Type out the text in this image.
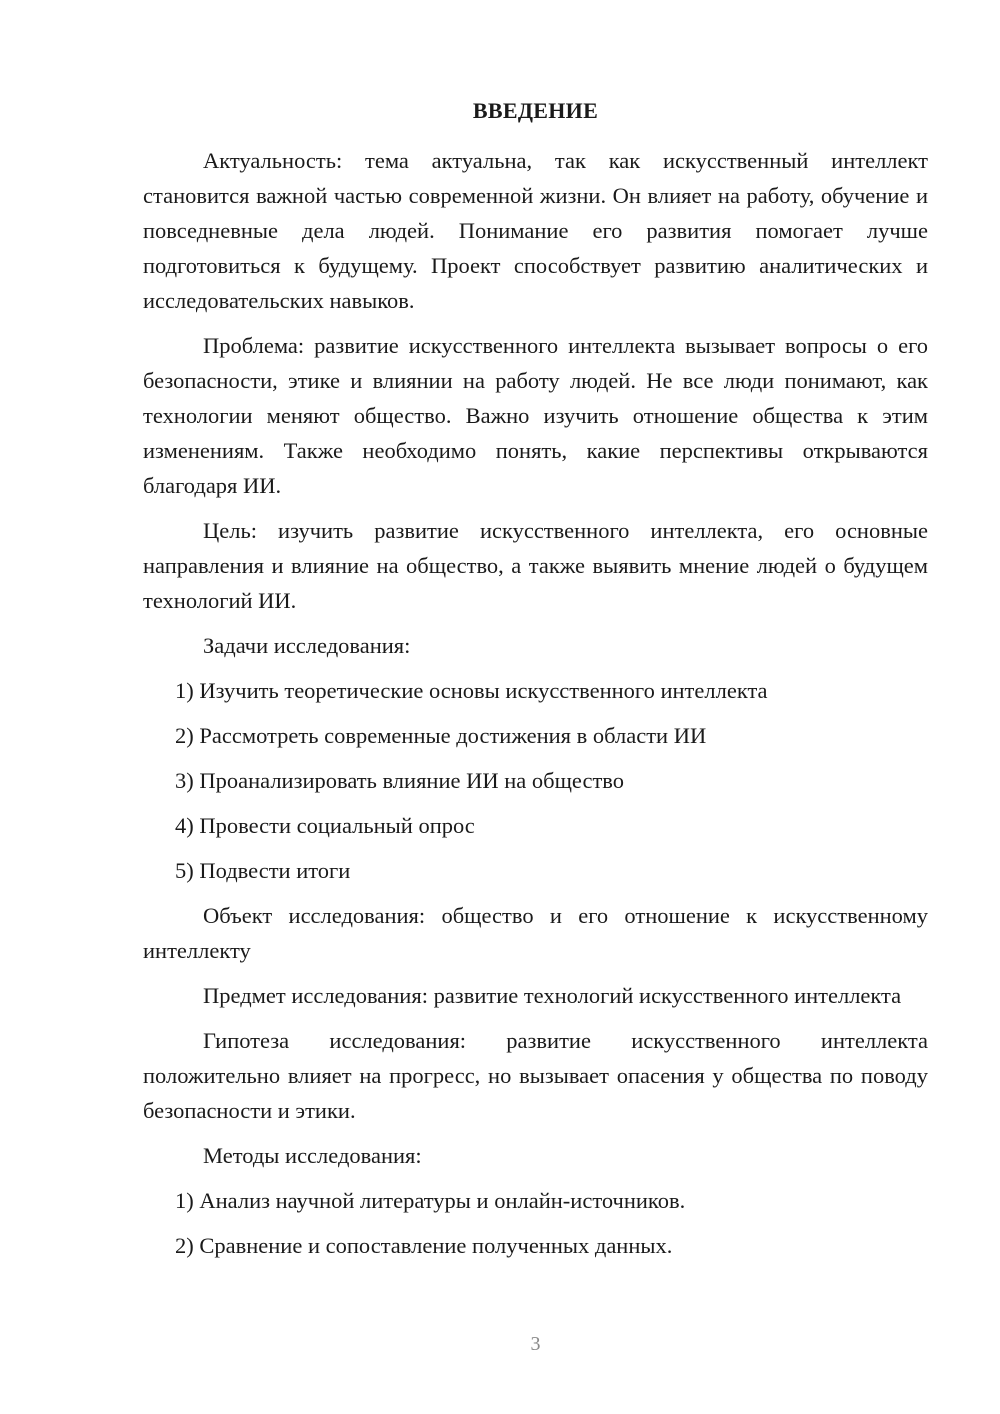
ВВЕДЕНИЕ

Актуальность: тема актуальна, так как искусственный интеллект становится важной частью современной жизни. Он влияет на работу, обучение и повседневные дела людей. Понимание его развития помогает лучше подготовиться к будущему. Проект способствует развитию аналитических и исследовательских навыков.

Проблема: развитие искусственного интеллекта вызывает вопросы о его безопасности, этике и влиянии на работу людей. Не все люди понимают, как технологии меняют общество. Важно изучить отношение общества к этим изменениям. Также необходимо понять, какие перспективы открываются благодаря ИИ.

Цель: изучить развитие искусственного интеллекта, его основные направления и влияние на общество, а также выявить мнение людей о будущем технологий ИИ.

Задачи исследования:

1) Изучить теоретические основы искусственного интеллекта

2) Рассмотреть современные достижения в области ИИ

3) Проанализировать влияние ИИ на общество

4) Провести социальный опрос

5) Подвести итоги

Объект исследования: общество и его отношение к искусственному интеллекту

Предмет исследования: развитие технологий искусственного интеллекта

Гипотеза исследования: развитие искусственного интеллекта положительно влияет на прогресс, но вызывает опасения у общества по поводу безопасности и этики.

Методы исследования:

1) Анализ научной литературы и онлайн-источников.

2) Сравнение и сопоставление полученных данных.

3
